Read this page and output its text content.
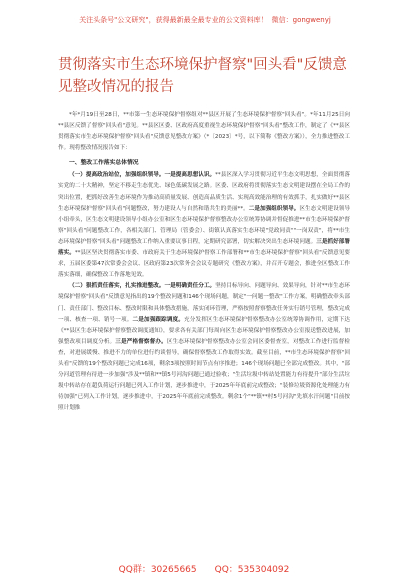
关注头条号"公文研究"，获得最新最全最专业的公文资料库！ 微信：gongwenyj
贯彻落实市生态环境保护督察"回头看"反馈意见整改情况的报告

*年*月19日至28日，**市第一生态环境保护督察组对**县区开展了生态环境保护督察"回头看"。*年11月25日向**县区反馈了督察"回头看"意见。**县区区委、区政府高度重视生态环境保护督察"回头看"整改工作，制定了《**县区贯彻落实市生态环境保护督察"回头看"反馈意见整改方案》（*〔2023〕*号，以下简称《整改方案》），全力推进整改工作。现将整改情况报告如下：

一、整改工作落实总体情况

（一）提高政治站位，加强组织领导。一是提高思想认识。**县区深入学习贯彻习近平生态文明思想，全面贯彻落实党的二十大精神，坚定不移走生态优先、绿色低碳发展之路。区委、区政府将贯彻落实生态文明建设摆在全局工作的突出位置，把抓好改善生态环境作为推动高质量发展、创造高品质生活、实现高效能治理的有效抓手，扎实做好**县区生态环境保护督察"回头看"问题整改，努力建设人与自然和谐共生的美丽**。二是加强组织领导。区生态文明建设领导小组牵头，区生态文明建设领导小组办公室和区生态环境保护督察整改办公室统筹协调并督促推进**市生态环境保护督察"回头看"问题整改工作，各相关部门、管理局（管委会）、街镇认真落实生态环境"党政同责""一岗双责"，将**市生态环境保护督察"回头看"问题整改工作纳入重要议事日程，定期研究部署，切实解决突出生态环境问题。三是抓好部署落实。**县区坚决贯彻落实市委、市政府关于生态环境保护督察工作部署和**市生态环境保护督察"回头看"反馈意见要求，五届区委第47次常委会会议、区政府第23次常务会会议专题研究《整改方案》，并召开专题会，推进全区整改工作落实落细，确保整改工作落地见效。

（二）狠抓责任落实，扎实推进整改。一是明确责任分工。坚持目标导向、问题导向、效果导向，针对**市生态环境保护督察"回头看"反馈意见指出的19个整改问题和146个现场问题，制定"一问题一整改"工作方案，明确整改牵头部门、责任部门、整改目标、整改时限和具体整改措施，落实闭环管理，严格按照督察整改任务实行销号管理，整改完成一项、核查一项、销号一项。二是加强跟踪调度。充分发挥区生态环境保护督察整改办公室统筹协调作用，定期下达《**县区生态环境保护督察整改调度通知》，要求各有关部门每周向区生态环境保护督察整改办公室报送整改进展，加强整改项目调度分析。三是严格督察督办。区生态环境保护督察整改办公室会同区委督查室，对整改工作进行监督检查，对进展缓慢、推进不力的单位进行约谈督导，确保督察整改工作取得实效。截至目前，**市生态环境保护督察"回头看"反馈的19个整改问题已完成16项，剩余3项按照时间节点有序推进；146个现场问题已全部完成整改。其中，"部分河道管理有待进一步加强"涉及**镇和**镇5号河沟问题已通过验收；"生活垃圾中转站处置能力有待提升"部分生活垃圾中转站存在超负荷运行问题已列入工作计划，逐步推进中，于2025年年底前完成整改；"装修垃圾资源化处理能力有待加强"已列入工作计划，逐步推进中，于2025年年底前完成整改。剩余1个"**镇**村5号河沟"先填水汗问题"目前按照计划推

QQ群：30265665 QQ：535304092
